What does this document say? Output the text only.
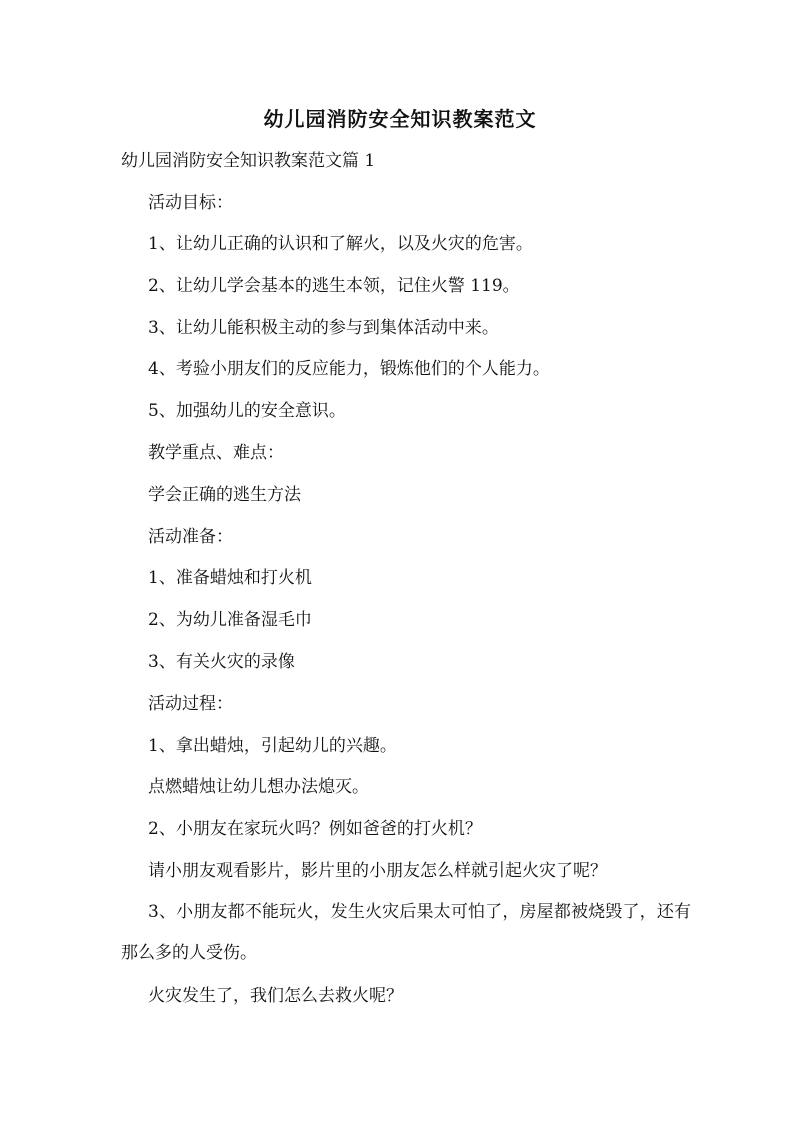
幼儿园消防安全知识教案范文
幼儿园消防安全知识教案范文篇 1
活动目标：
1、让幼儿正确的认识和了解火，以及火灾的危害。
2、让幼儿学会基本的逃生本领，记住火警 119。
3、让幼儿能积极主动的参与到集体活动中来。
4、考验小朋友们的反应能力，锻炼他们的个人能力。
5、加强幼儿的安全意识。
教学重点、难点：
学会正确的逃生方法
活动准备：
1、准备蜡烛和打火机
2、为幼儿准备湿毛巾
3、有关火灾的录像
活动过程：
1、拿出蜡烛，引起幼儿的兴趣。
点燃蜡烛让幼儿想办法熄灭。
2、小朋友在家玩火吗？例如爸爸的打火机？
请小朋友观看影片，影片里的小朋友怎么样就引起火灾了呢？
3、小朋友都不能玩火，发生火灾后果太可怕了，房屋都被烧毁了，还有那么多的人受伤。
火灾发生了，我们怎么去救火呢？
